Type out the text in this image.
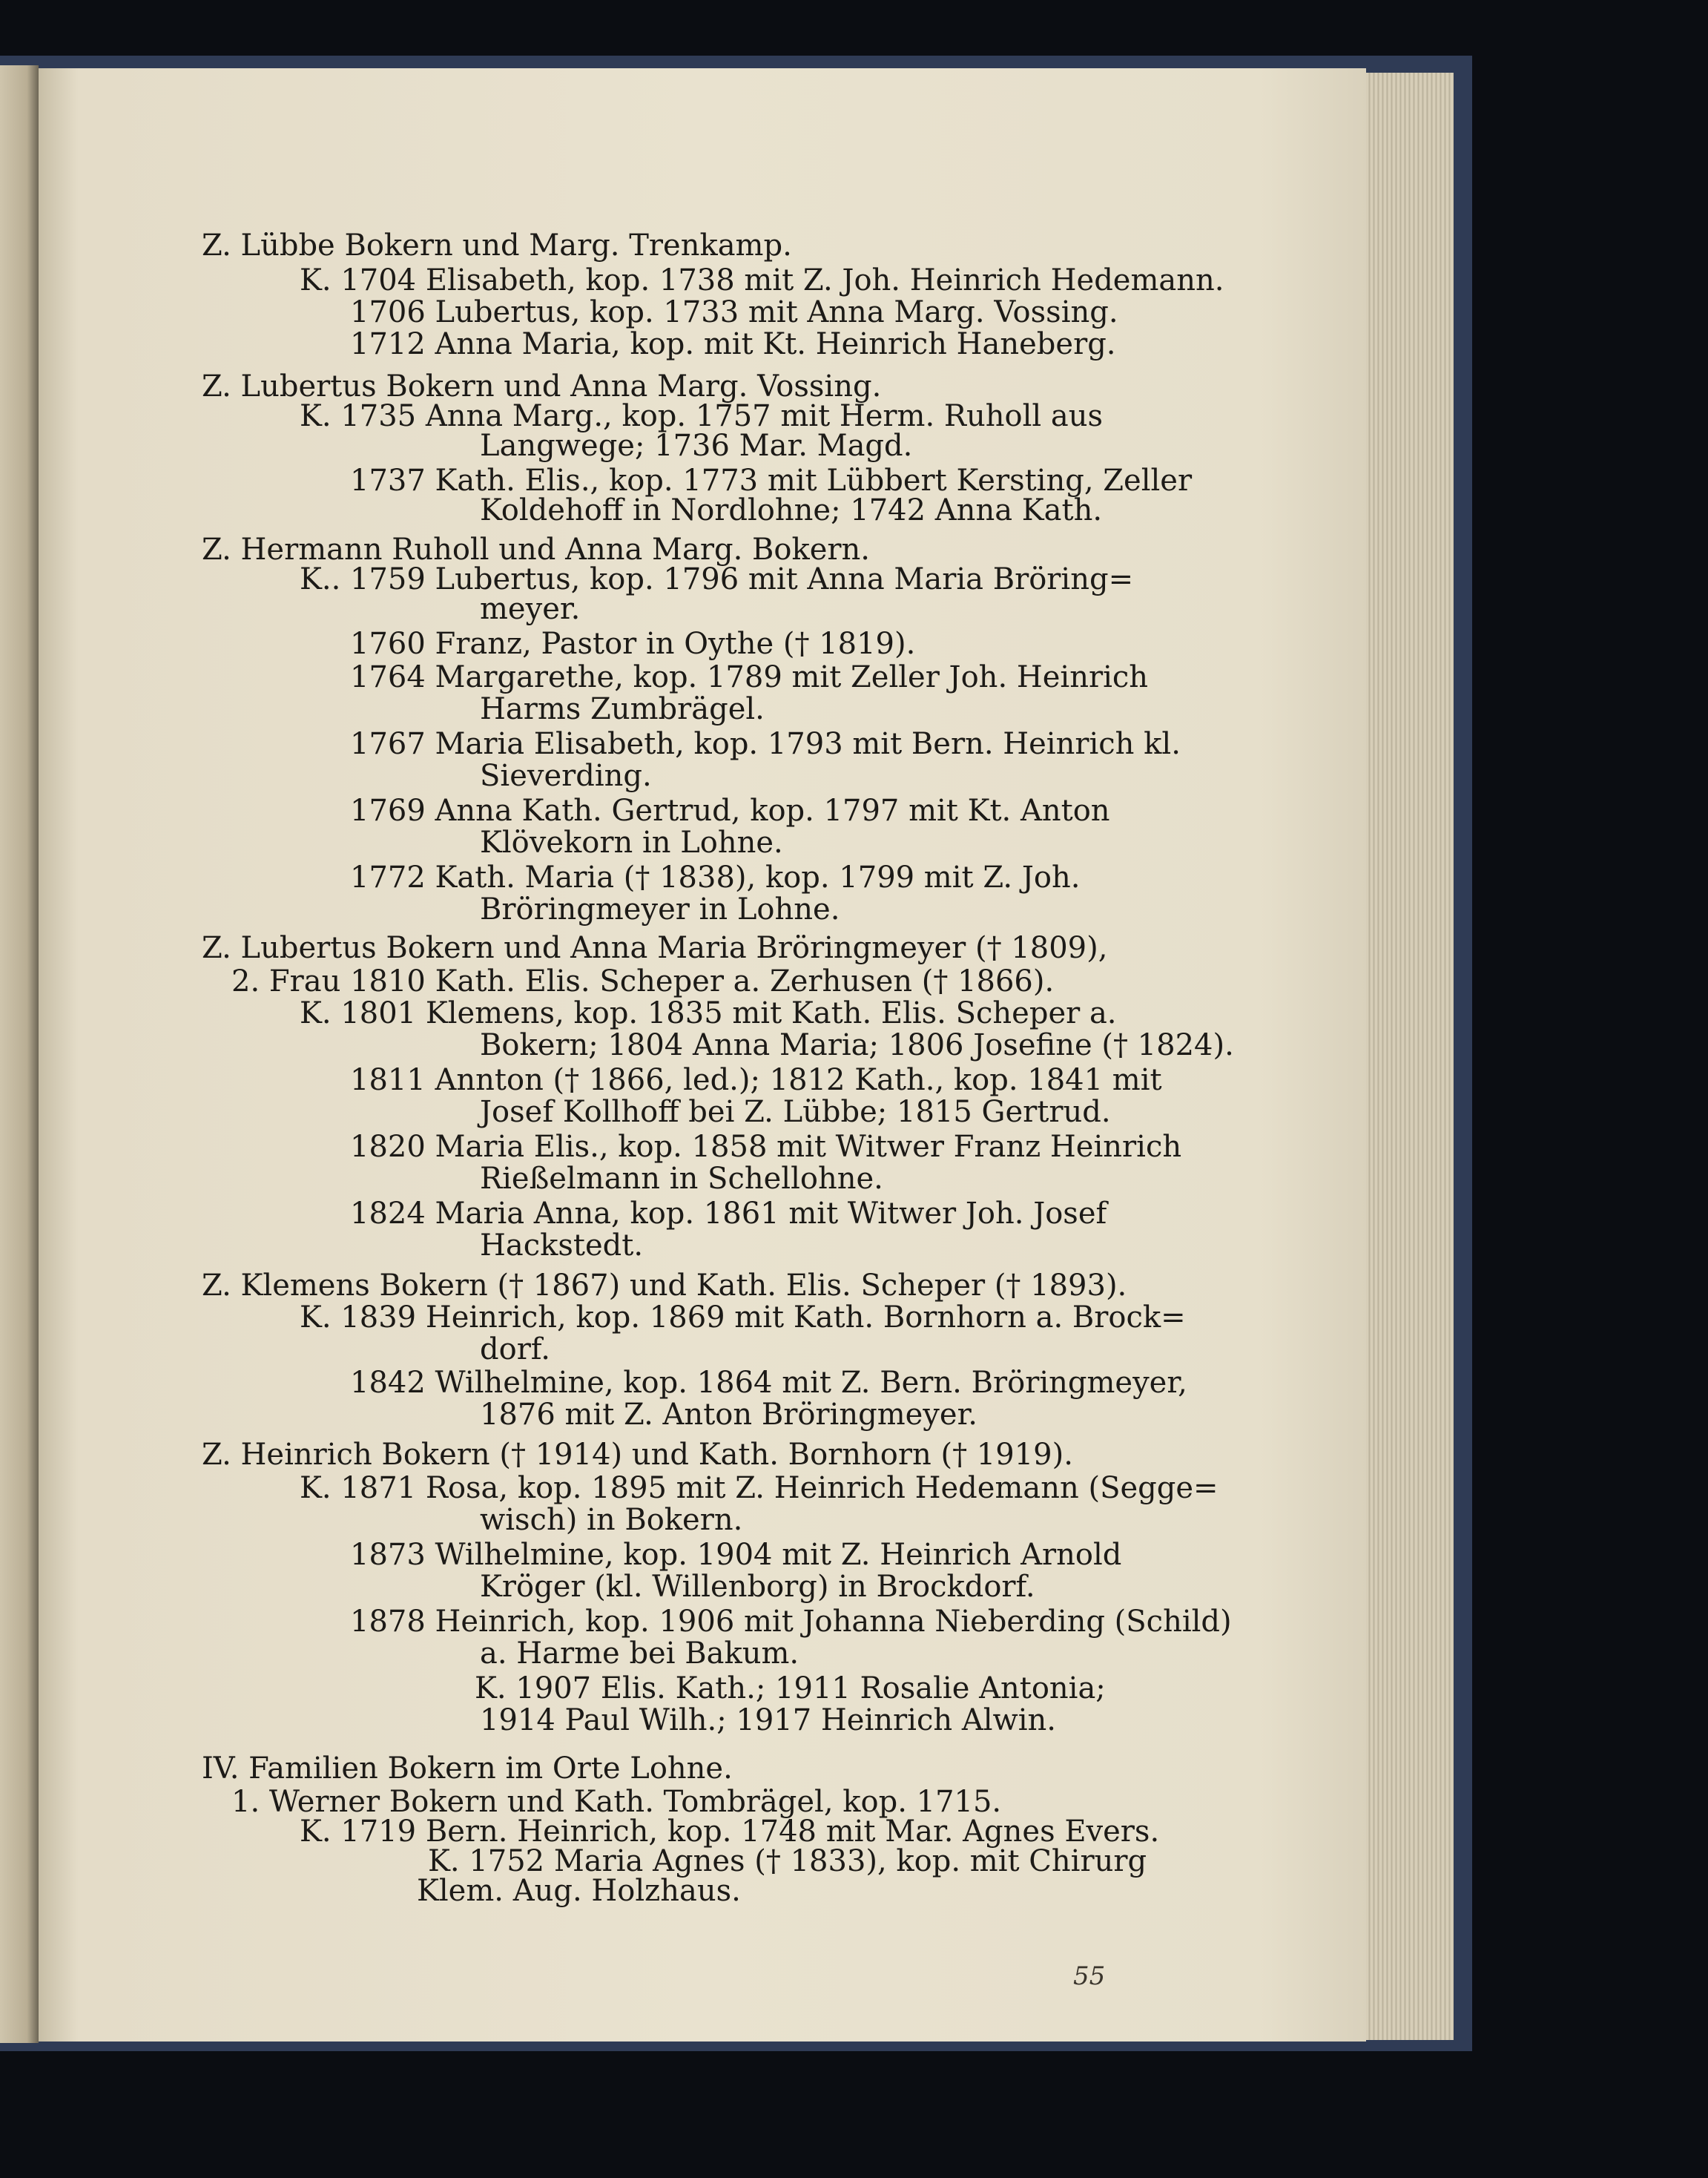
Z. Lübbe Bokern und Marg. Trenkamp.

K. 1704 Elisabeth, kop. 1738 mit Z. Joh. Heinrich Hedemann.

1706 Lubertus, kop. 1733 mit Anna Marg. Vossing.

1712 Anna Maria, kop. mit Kt. Heinrich Haneberg.

Z. Lubertus Bokern und Anna Marg. Vossing.

K. 1735 Anna Marg., kop. 1757 mit Herm. Ruholl aus

Langwege; 1736 Mar. Magd.

1737 Kath. Elis., kop. 1773 mit Lübbert Kersting, Zeller

Koldehoff in Nordlohne; 1742 Anna Kath.

Z. Hermann Ruholl und Anna Marg. Bokern.

K.. 1759 Lubertus, kop. 1796 mit Anna Maria Bröring=

meyer.

1760 Franz, Pastor in Oythe († 1819).

1764 Margarethe, kop. 1789 mit Zeller Joh. Heinrich

Harms Zumbrägel.

1767 Maria Elisabeth, kop. 1793 mit Bern. Heinrich kl.

Sieverding.

1769 Anna Kath. Gertrud, kop. 1797 mit Kt. Anton

Klövekorn in Lohne.

1772 Kath. Maria († 1838), kop. 1799 mit Z. Joh.

Bröringmeyer in Lohne.

Z. Lubertus Bokern und Anna Maria Bröringmeyer († 1809),

2. Frau 1810 Kath. Elis. Scheper a. Zerhusen († 1866).

K. 1801 Klemens, kop. 1835 mit Kath. Elis. Scheper a.

Bokern; 1804 Anna Maria; 1806 Josefine († 1824).

1811 Annton († 1866, led.); 1812 Kath., kop. 1841 mit

Josef Kollhoff bei Z. Lübbe; 1815 Gertrud.

1820 Maria Elis., kop. 1858 mit Witwer Franz Heinrich

Rießelmann in Schellohne.

1824 Maria Anna, kop. 1861 mit Witwer Joh. Josef

Hackstedt.

Z. Klemens Bokern († 1867) und Kath. Elis. Scheper († 1893).

K. 1839 Heinrich, kop. 1869 mit Kath. Bornhorn a. Brock=

dorf.

1842 Wilhelmine, kop. 1864 mit Z. Bern. Bröringmeyer,

1876 mit Z. Anton Bröringmeyer.

Z. Heinrich Bokern († 1914) und Kath. Bornhorn († 1919).

K. 1871 Rosa, kop. 1895 mit Z. Heinrich Hedemann (Segge=

wisch) in Bokern.

1873 Wilhelmine, kop. 1904 mit Z. Heinrich Arnold

Kröger (kl. Willenborg) in Brockdorf.

1878 Heinrich, kop. 1906 mit Johanna Nieberding (Schild)

a. Harme bei Bakum.

K. 1907 Elis. Kath.; 1911 Rosalie Antonia;

1914 Paul Wilh.; 1917 Heinrich Alwin.

IV. Familien Bokern im Orte Lohne.

1. Werner Bokern und Kath. Tombrägel, kop. 1715.

K. 1719 Bern. Heinrich, kop. 1748 mit Mar. Agnes Evers.

K. 1752 Maria Agnes († 1833), kop. mit Chirurg

Klem. Aug. Holzhaus.

55
